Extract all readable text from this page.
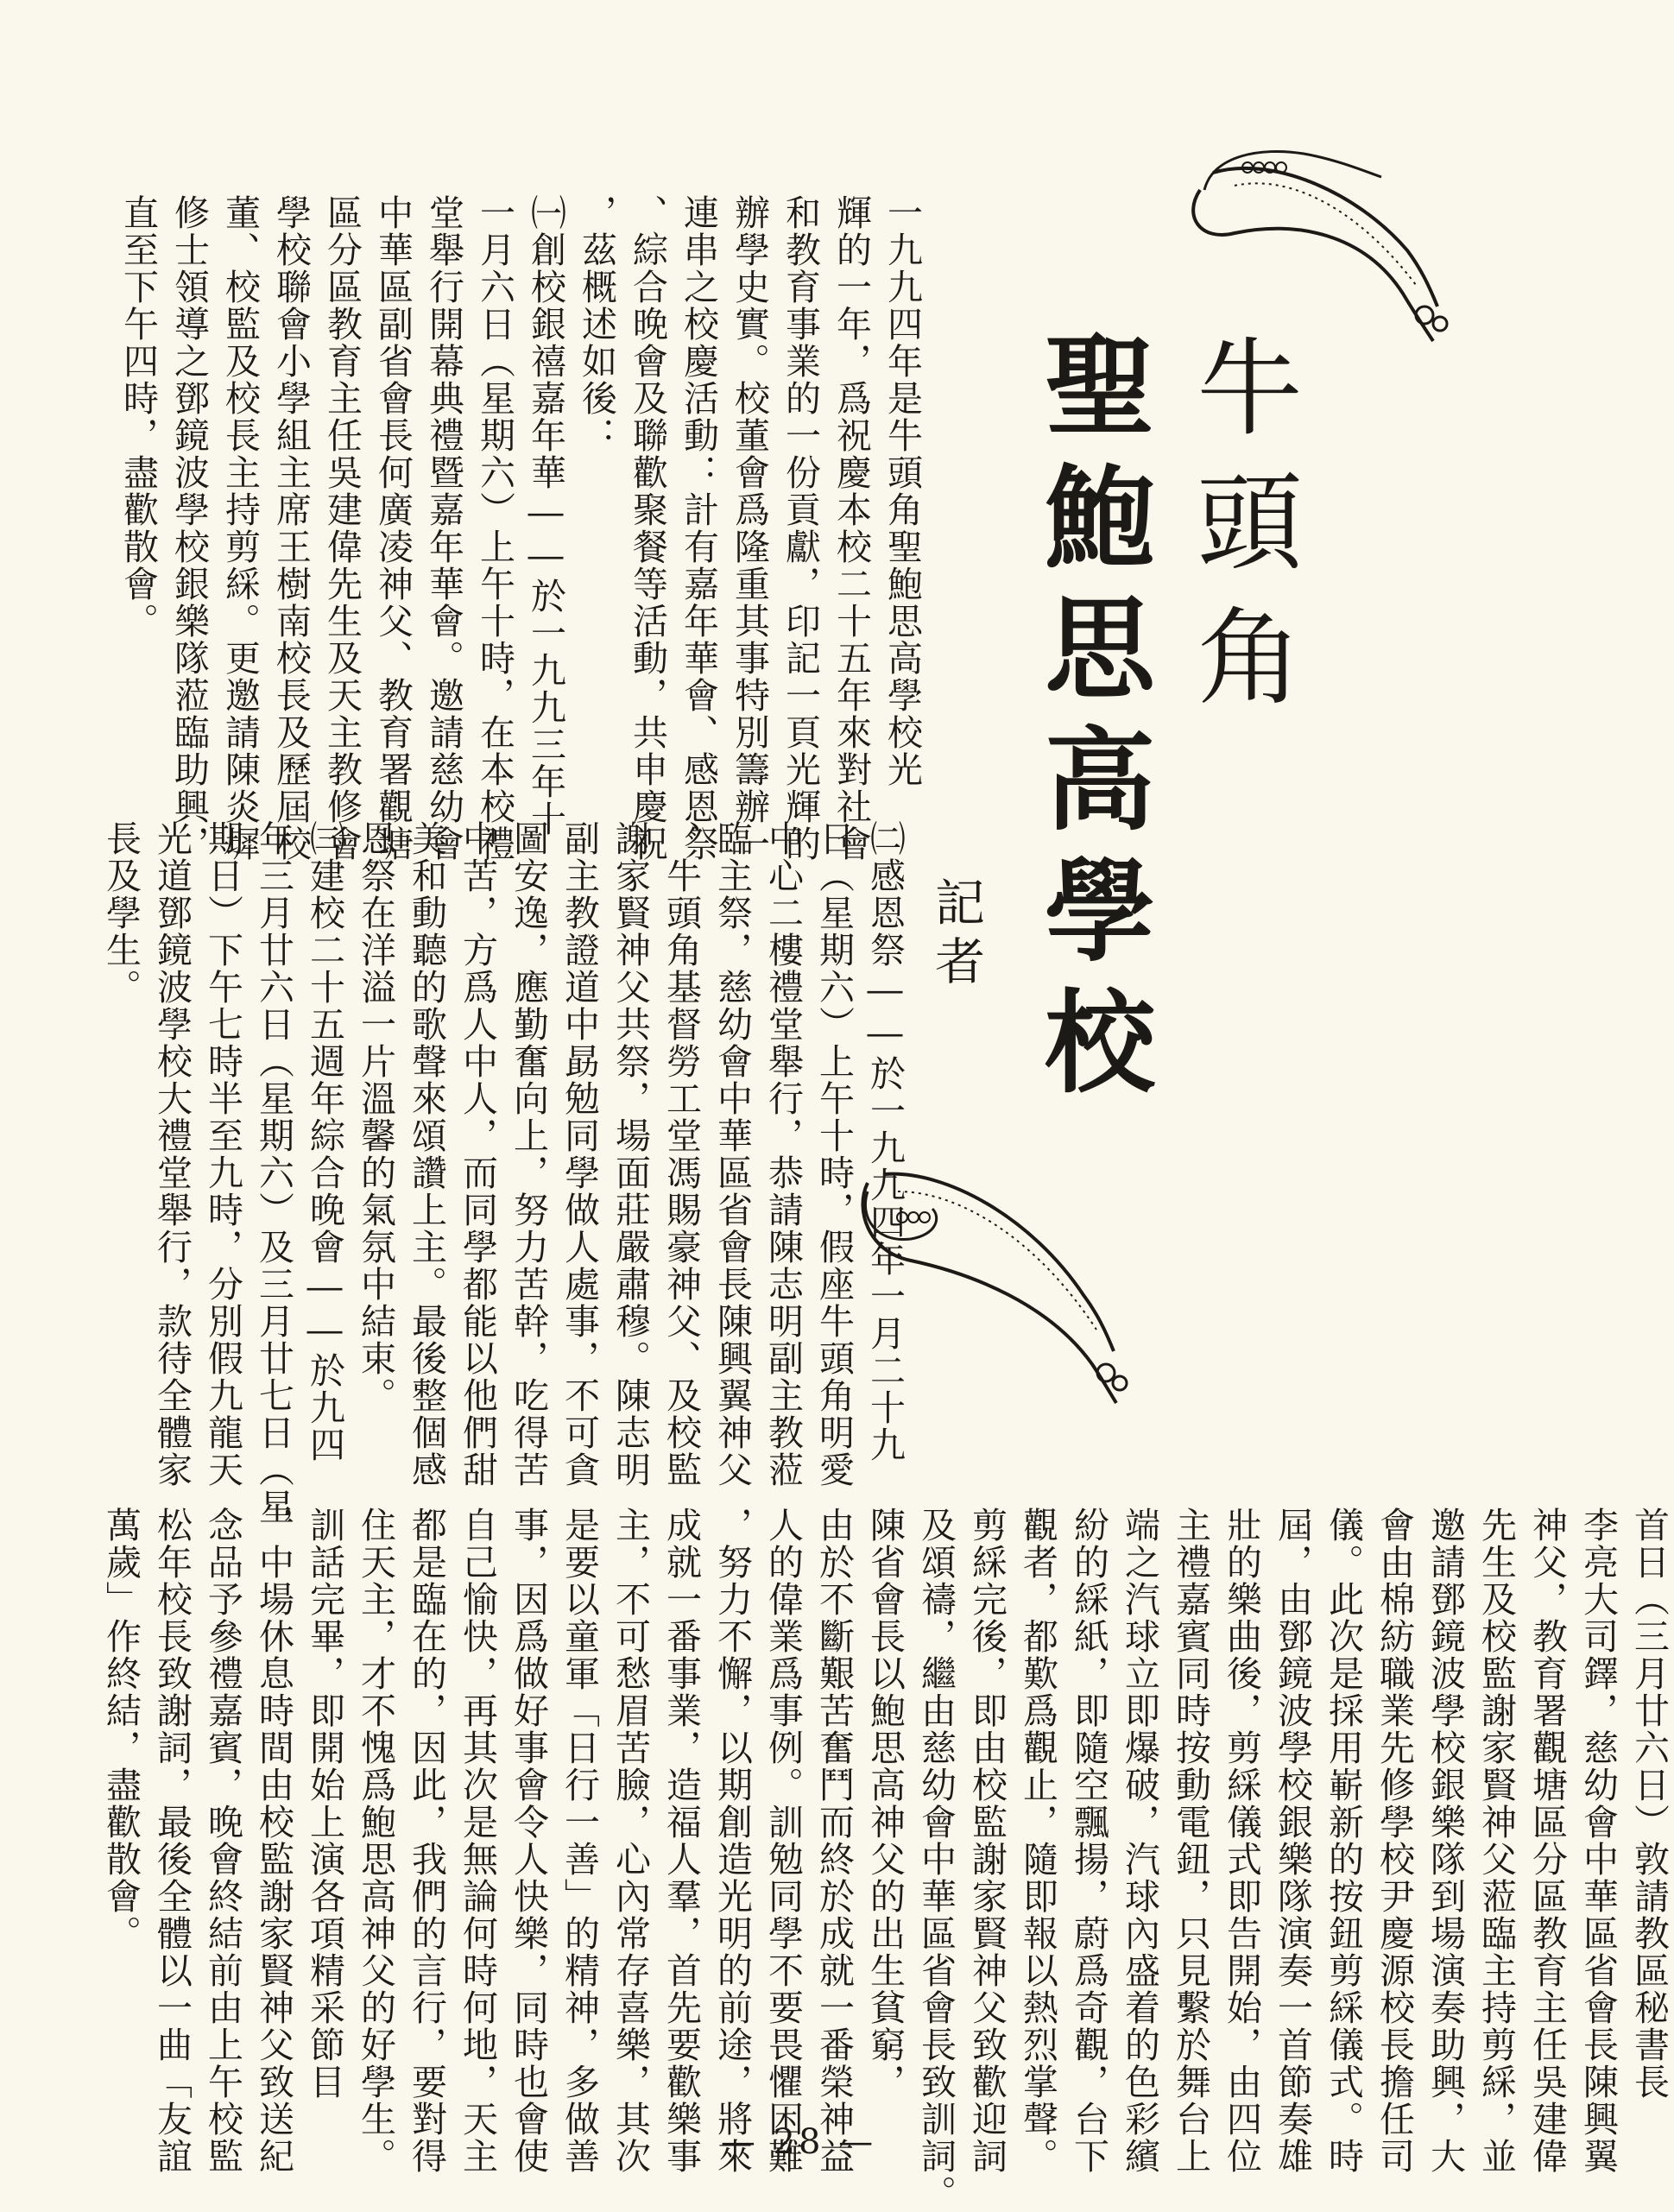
牛頭角
聖鮑思高學校
記者
一九九四年是牛頭角聖鮑思高學校光
輝的一年，爲祝慶本校二十五年來對社會
和教育事業的一份貢獻，印記一頁光輝的
辦學史實。校董會爲隆重其事特別籌辦一
連串之校慶活動：計有嘉年華會、感恩祭
、綜合晚會及聯歡聚餐等活動，共申慶祝
，茲概述如後：
㈠創校銀禧嘉年華――於一九九三年十
一月六日（星期六）上午十時，在本校禮
堂舉行開幕典禮暨嘉年華會。邀請慈幼會
中華區副省會長何廣凌神父、教育署觀塘
區分區教育主任吳建偉先生及天主教修會
學校聯會小學組主席王樹南校長及歷屆校
董、校監及校長主持剪綵。更邀請陳炎墀
修士領導之鄧鏡波學校銀樂隊蒞臨助興，
直至下午四時，盡歡散會。
㈡感恩祭――於一九九四年一月二十九
日（星期六）上午十時，假座牛頭角明愛
中心二樓禮堂舉行，恭請陳志明副主教蒞
臨主祭，慈幼會中華區省會長陳興翼神父
、牛頭角基督勞工堂馮賜豪神父、及校監
謝家賢神父共祭，場面莊嚴肅穆。陳志明
副主教證道中勗勉同學做人處事，不可貪
圖安逸，應勤奮向上，努力苦幹，吃得苦
中苦，方爲人中人，而同學都能以他們甜
美和動聽的歌聲來頌讚上主。最後整個感
恩祭在洋溢一片溫馨的氣氛中結束。
㈢建校二十五週年綜合晚會――於九四
年三月廿六日（星期六）及三月廿七日（星
期日）下午七時半至九時，分別假九龍天
光道鄧鏡波學校大禮堂舉行，款待全體家
長及學生。
首日（三月廿六日）敦請教區秘書長
李亮大司鐸，慈幼會中華區省會長陳興翼
神父，教育署觀塘區分區教育主任吳建偉
先生及校監謝家賢神父蒞臨主持剪綵，並
邀請鄧鏡波學校銀樂隊到場演奏助興，大
會由棉紡職業先修學校尹慶源校長擔任司
儀。此次是採用嶄新的按鈕剪綵儀式。時
屆，由鄧鏡波學校銀樂隊演奏一首節奏雄
壯的樂曲後，剪綵儀式即告開始，由四位
主禮嘉賓同時按動電鈕，只見繫於舞台上
端之汽球立即爆破，汽球內盛着的色彩繽
紛的綵紙，即隨空飄揚，蔚爲奇觀，台下
觀者，都歎爲觀止，隨即報以熱烈掌聲。
剪綵完後，即由校監謝家賢神父致歡迎詞
及頌禱，繼由慈幼會中華區省會長致訓詞。
陳省會長以鮑思高神父的出生貧窮，
由於不斷艱苦奮鬥而終於成就一番榮神益
人的偉業爲事例。訓勉同學不要畏懼困難
，努力不懈，以期創造光明的前途，將來
成就一番事業，造福人羣，首先要歡樂事
主，不可愁眉苦臉，心內常存喜樂，其次
是要以童軍「日行一善」的精神，多做善
事，因爲做好事會令人快樂，同時也會使
自己愉快，再其次是無論何時何地，天主
都是臨在的，因此，我們的言行，要對得
住天主，才不愧爲鮑思高神父的好學生。
訓話完畢，即開始上演各項精采節目
，中場休息時間由校監謝家賢神父致送紀
念品予參禮嘉賓，晚會終結前由上午校監
松年校長致謝詞，最後全體以一曲「友誼
萬歲」作終結，盡歡散會。
— 28 —
